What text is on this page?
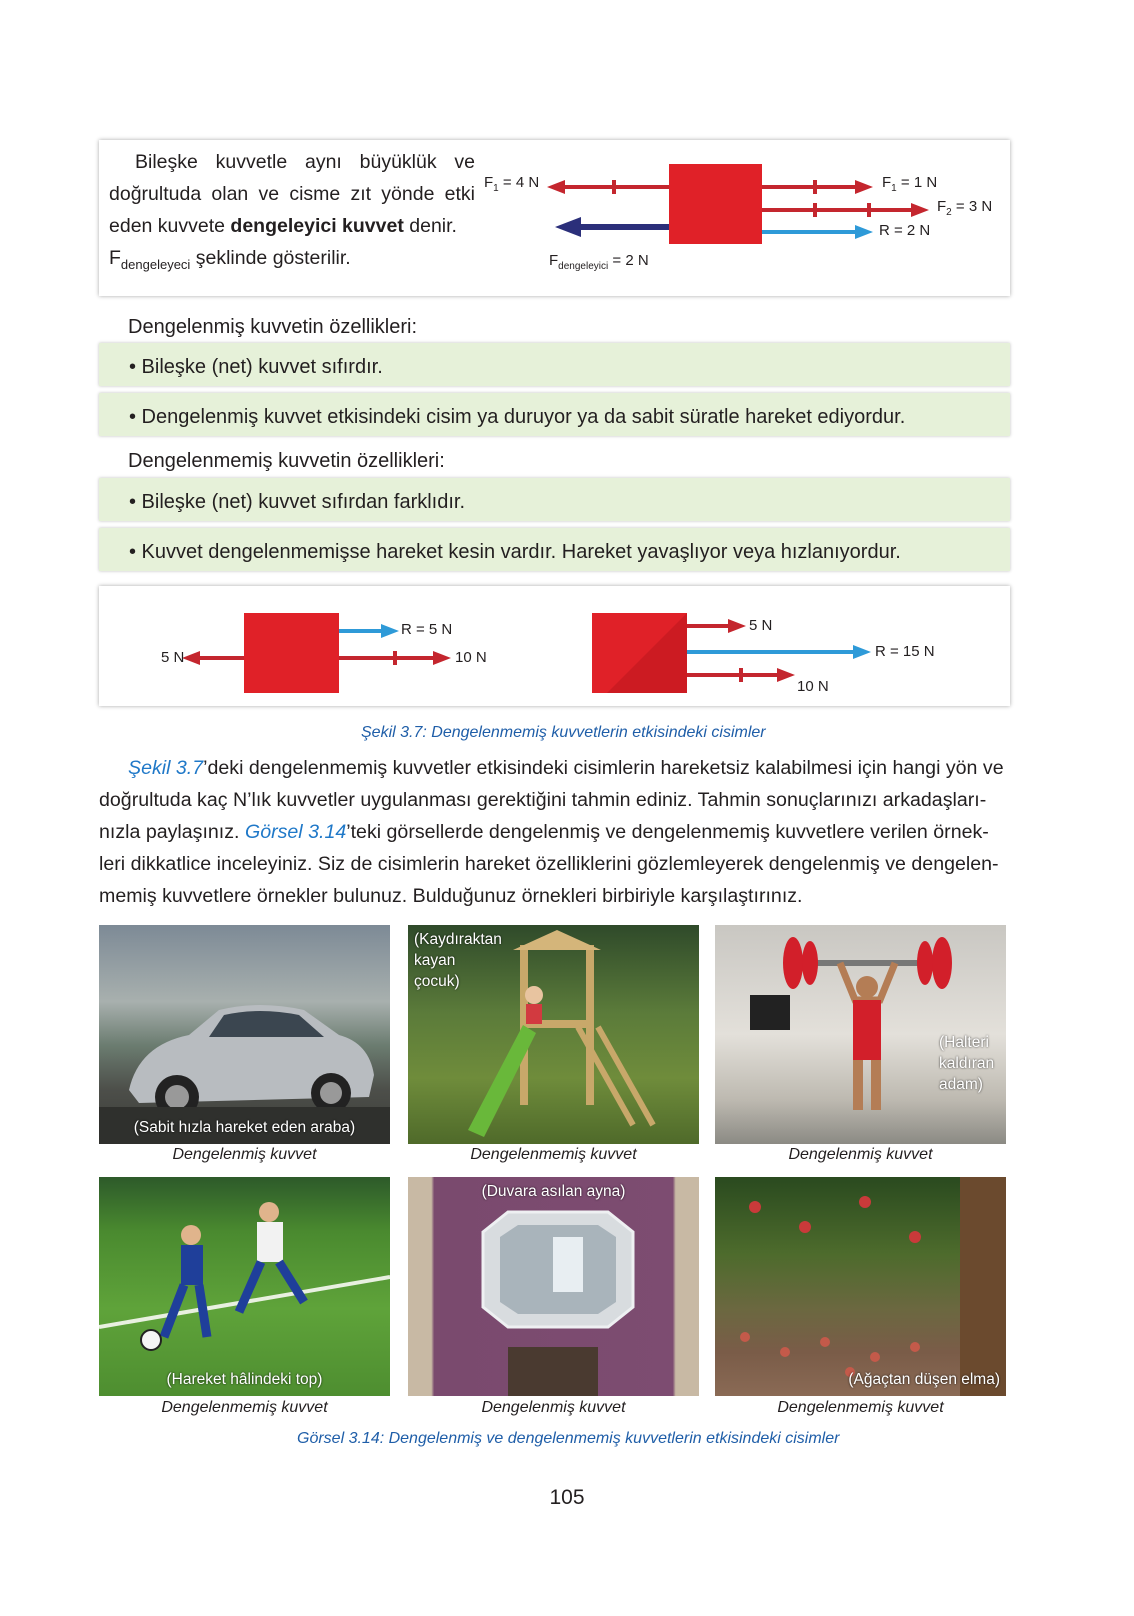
Bileşke kuvvetle aynı büyüklük ve
doğrultuda olan ve cisme zıt yönde etki
eden kuvvete dengeleyici kuvvet denir.
$F_{dengeleyeci}$ şeklinde gösterilir.
$F_1 = 4$ N	$F_1 = 1$ N
$F_2 = 3$ N
R = 2 N
$F_{dengeleyici} = 2$ N
Dengelenmiş kuvvetin özellikleri:
• Bileşke (net) kuvvet sıfırdır.
• Dengelenmiş kuvvet etkisindeki cisim ya duruyor ya da sabit süratle hareket ediyordur.
Dengelenmemiş kuvvetin özellikleri:
• Bileşke (net) kuvvet sıfırdan farklıdır.
• Kuvvet dengelenmemişse hareket kesin vardır. Hareket yavaşlıyor veya hızlanıyordur.
5 N	10 N
R = 5 N	5 N
R = 15 N
10 N
Şekil 3.7: Dengelenmemiş kuvvetlerin etkisindeki cisimler
Şekil 3.7’deki dengelenmemiş kuvvetler etkisindeki cisimlerin hareketsiz kalabilmesi için hangi yön ve
doğrultuda kaç N’lık kuvvetler uygulanması gerektiğini tahmin ediniz. Tahmin sonuçlarınızı arkadaşları-
nızla paylaşınız. Görsel 3.14’teki görsellerde dengelenmiş ve dengelenmemiş kuvvetlere verilen örnek-
leri dikkatlice inceleyiniz. Siz de cisimlerin hareket özelliklerini gözlemleyerek dengelenmiş ve dengelen-
memiş kuvvetlere örnekler bulunuz. Bulduğunuz örnekleri birbiriyle karşılaştırınız.
(Sabit hızla hareket eden araba)
(Kaydıraktan
kayan
çocuk)
(Halteri
kaldıran
adam)
Dengelenmiş kuvvet	Dengelenmemiş kuvvet	Dengelenmiş kuvvet
(Hareket hâlindeki top)
(Duvara asılan ayna)
(Ağaçtan düşen elma)
Dengelenmemiş kuvvet	Dengelenmiş kuvvet	Dengelenmemiş kuvvet
Görsel 3.14: Dengelenmiş ve dengelenmemiş kuvvetlerin etkisindeki cisimler
105
